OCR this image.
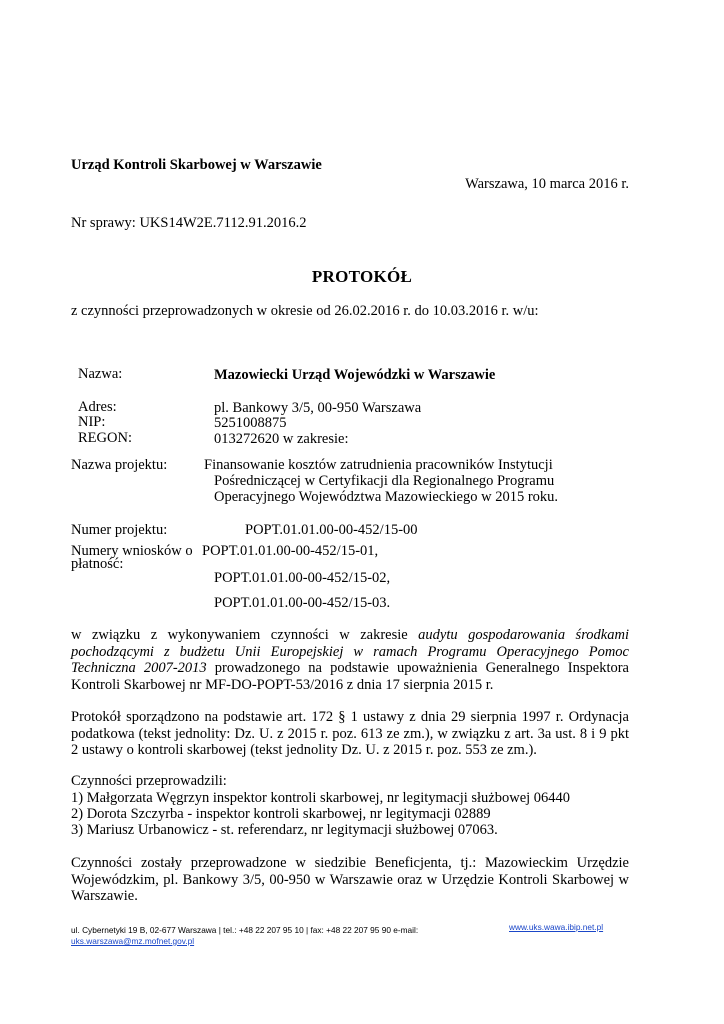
Urząd Kontroli Skarbowej w Warszawie
Warszawa, 10 marca 2016 r.
Nr sprawy: UKS14W2E.7112.91.2016.2
PROTOKÓŁ
z czynności przeprowadzonych w okresie od 26.02.2016 r. do 10.03.2016 r. w/u:
Nazwa:	Mazowiecki Urząd Wojewódzki w Warszawie
Adres:	pl. Bankowy 3/5, 00-950 Warszawa
NIP:	5251008875
REGON:	013272620 w zakresie:
Nazwa projektu:	Finansowanie kosztów zatrudnienia pracowników Instytucji
Pośredniczącej w Certyfikacji dla Regionalnego Programu
Operacyjnego Województwa Mazowieckiego w 2015 roku.
Numer projektu:	POPT.01.01.00-00-452/15-00
Numery wniosków o
płatność:
POPT.01.01.00-00-452/15-01,
POPT.01.01.00-00-452/15-02,
POPT.01.01.00-00-452/15-03.
w związku z wykonywaniem czynności w zakresie audytu gospodarowania środkami pochodzącymi z budżetu Unii Europejskiej w ramach Programu Operacyjnego Pomoc Techniczna 2007-2013 prowadzonego na podstawie upoważnienia Generalnego Inspektora Kontroli Skarbowej nr MF-DO-POPT-53/2016 z dnia 17 sierpnia 2015 r.
Protokół sporządzono na podstawie art. 172 § 1 ustawy z dnia 29 sierpnia 1997 r. Ordynacja podatkowa (tekst jednolity: Dz. U. z 2015 r. poz. 613 ze zm.), w związku z art. 3a ust. 8 i 9 pkt 2 ustawy o kontroli skarbowej (tekst jednolity Dz. U. z 2015 r. poz. 553 ze zm.).
Czynności przeprowadzili:
1) Małgorzata Węgrzyn inspektor kontroli skarbowej, nr legitymacji służbowej 06440
2) Dorota Szczyrba - inspektor kontroli skarbowej, nr legitymacji 02889
3) Mariusz Urbanowicz - st. referendarz, nr legitymacji służbowej 07063.
Czynności zostały przeprowadzone w siedzibie Beneficjenta, tj.: Mazowieckim Urzędzie Wojewódzkim, pl. Bankowy 3/5, 00-950 w Warszawie oraz w Urzędzie Kontroli Skarbowej w Warszawie.
ul. Cybernetyki 19 B, 02-677 Warszawa | tel.: +48 22 207 95 10 | fax: +48 22 207 95 90 e-mail:
uks.warszawa@mz.mofnet.gov.pl
www.uks.wawa.ibip.net.pl
